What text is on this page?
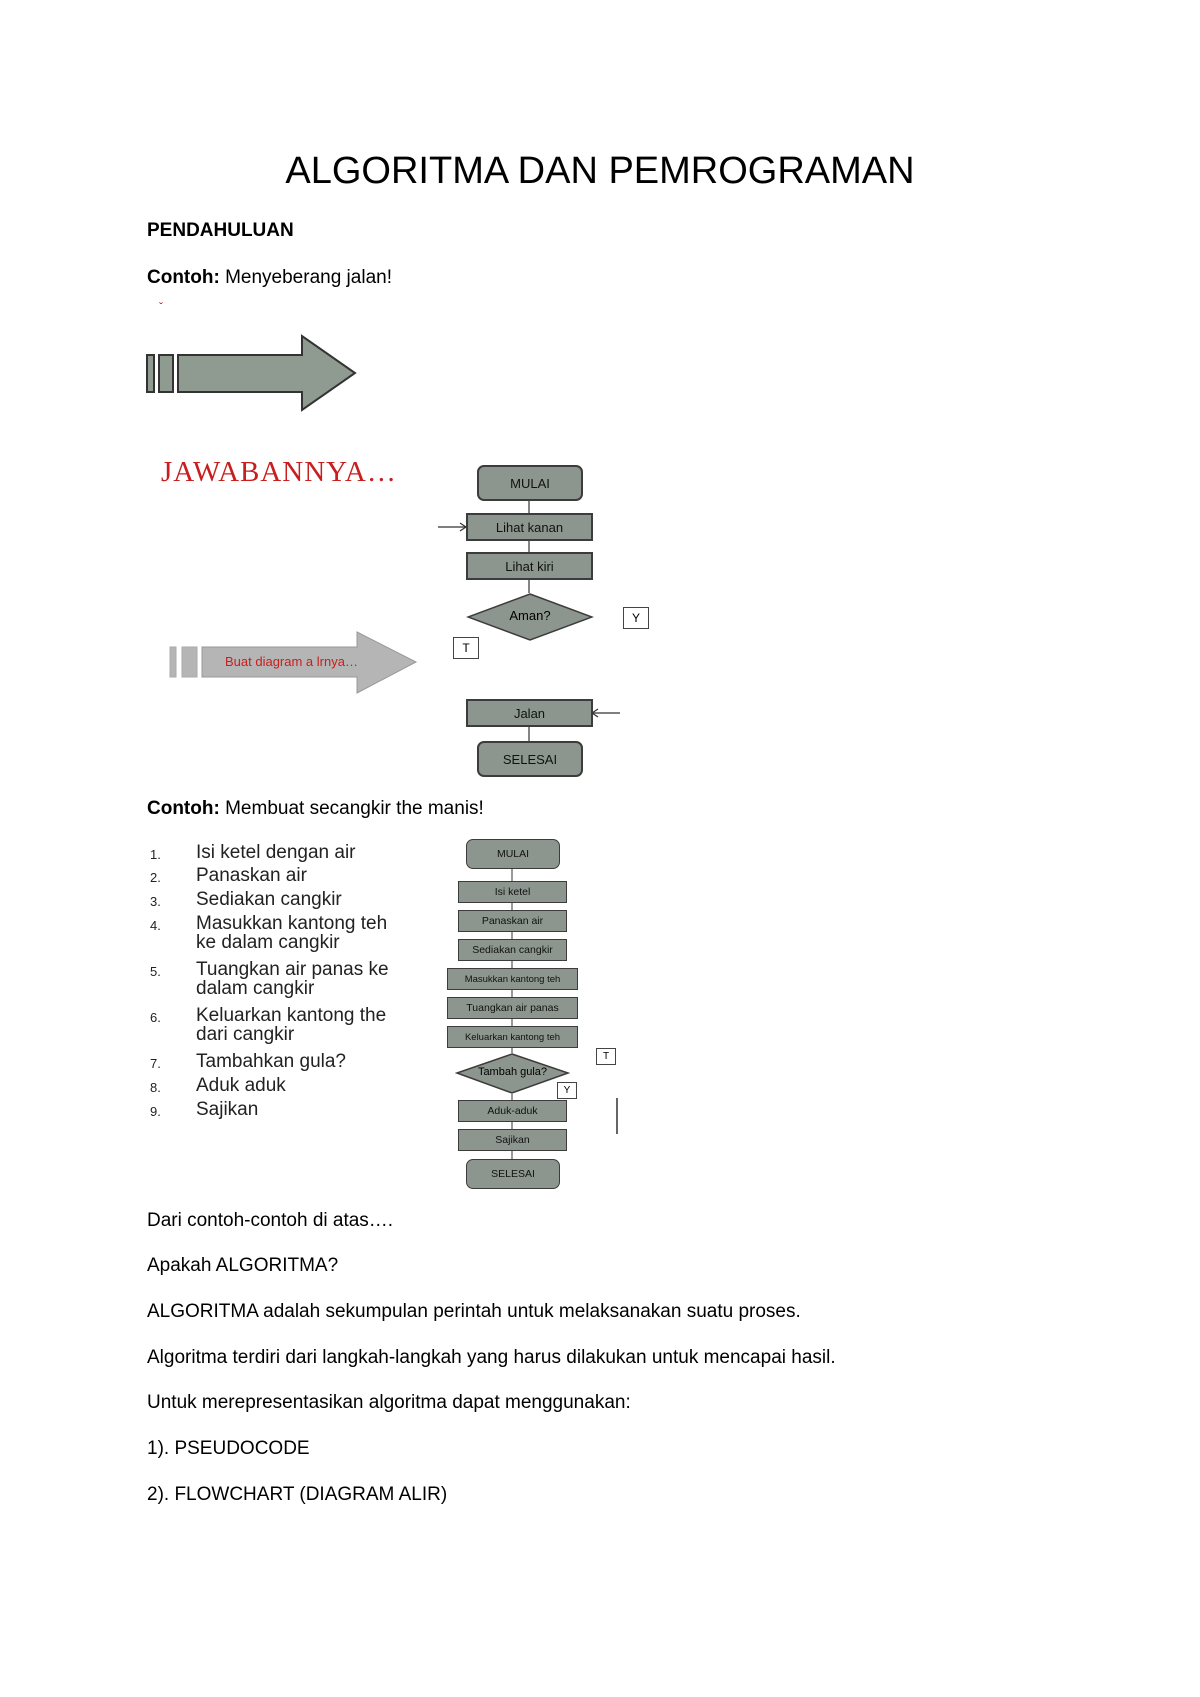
ALGORITMA DAN PEMROGRAMAN
PENDAHULUAN
Contoh: Menyeberang jalan!
ˇ
JAWABANNYA…
Buat diagram a lrnya…
MULAI
Lihat kanan
Lihat kiri
Aman?	Y
T
Jalan
SELESAI
Contoh: Membuat secangkir the manis!
1.	Isi ketel dengan air
2.	Panaskan air
3.	Sediakan cangkir
4.	Masukkan kantong teh
ke dalam cangkir
5.	Tuangkan air panas ke
dalam cangkir
6.	Keluarkan kantong the
dari cangkir
7.	Tambahkan gula?
8.	Aduk aduk
9.	Sajikan
MULAI
Isi ketel
Panaskan air
Sediakan cangkir
Masukkan kantong teh
Tuangkan air panas
Keluarkan kantong teh
Tambah gula?
T
Y
Aduk-aduk
Sajikan
SELESAI
Dari contoh-contoh di atas….
Apakah ALGORITMA?
ALGORITMA adalah sekumpulan perintah untuk melaksanakan suatu proses.
Algoritma terdiri dari langkah-langkah yang harus dilakukan untuk mencapai hasil.
Untuk merepresentasikan algoritma dapat menggunakan:
1). PSEUDOCODE
2). FLOWCHART (DIAGRAM ALIR)
